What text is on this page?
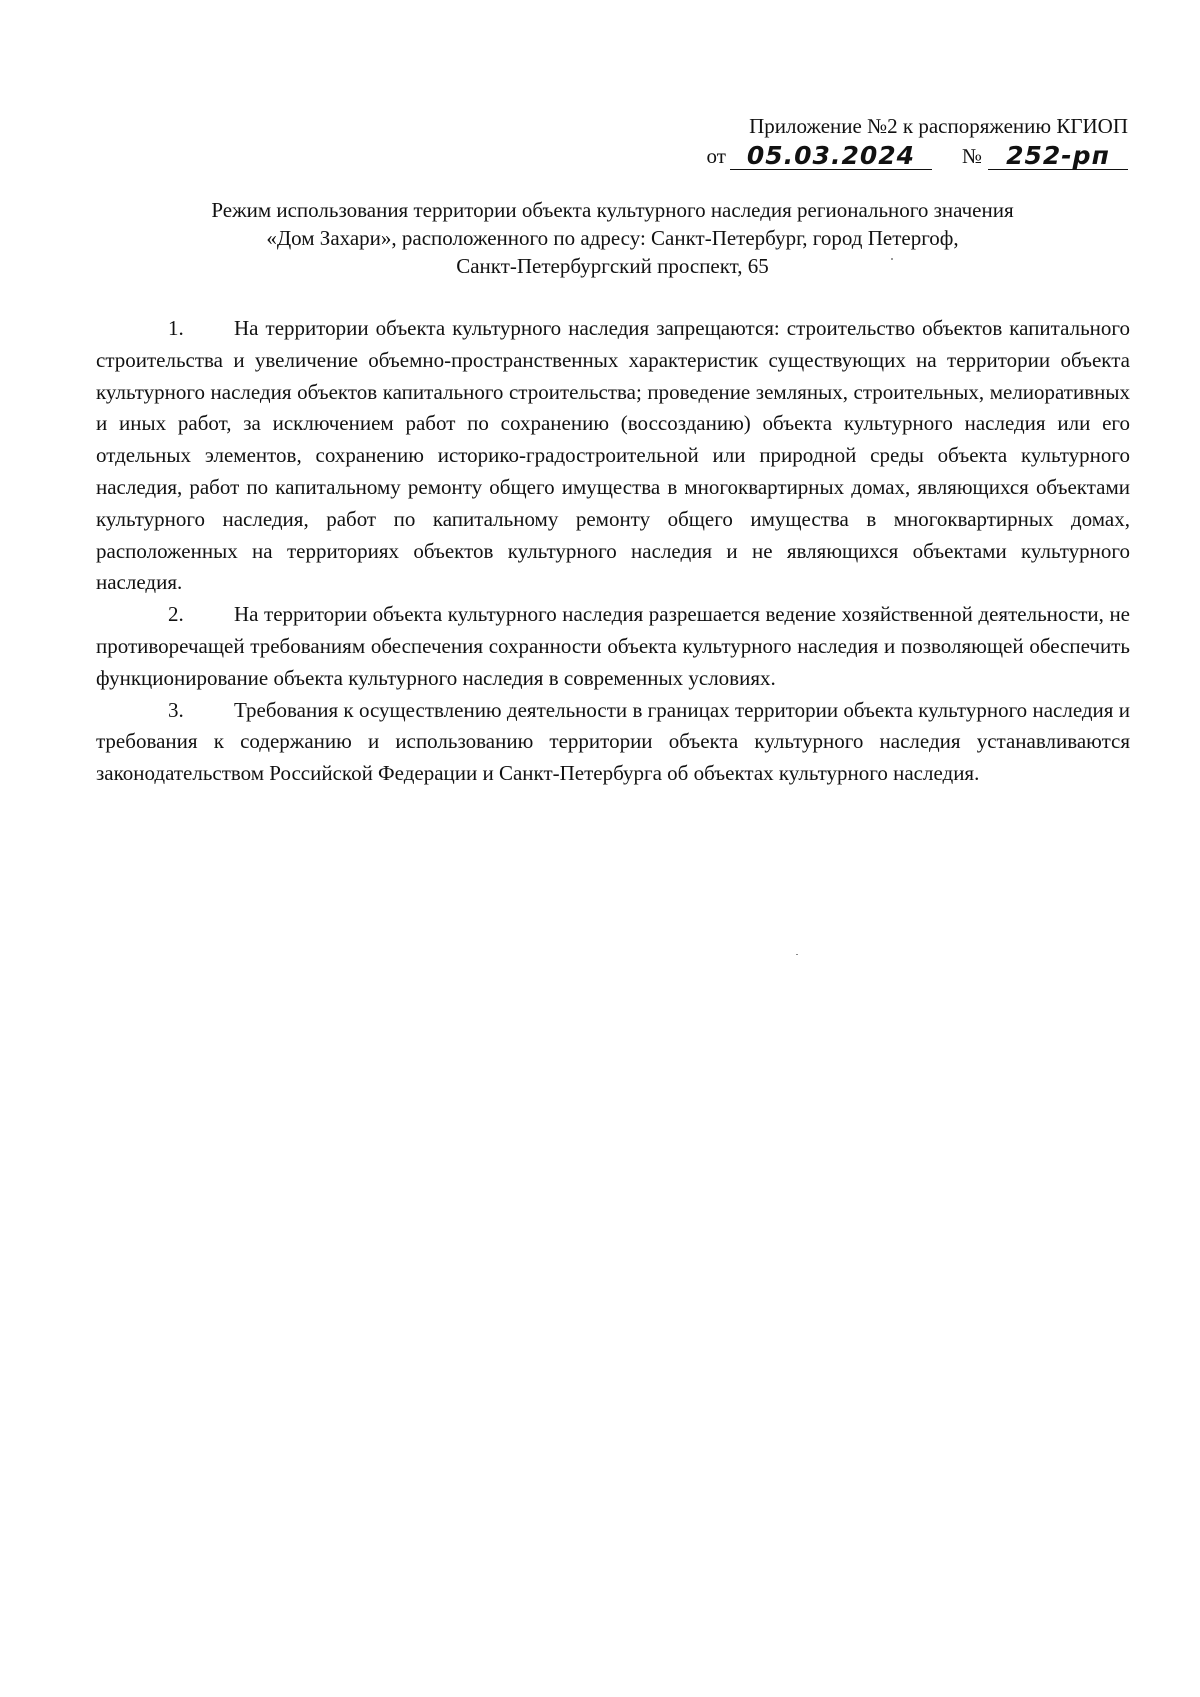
Приложение №2 к распоряжению КГИОП
от 05.03.2024	№ 252-рп
Режим использования территории объекта культурного наследия регионального значения
«Дом Захари», расположенного по адресу: Санкт-Петербург, город Петергоф,
Санкт-Петербургский проспект, 65

1. На территории объекта культурного наследия запрещаются: строительство объектов капитального строительства и увеличение объемно-пространственных характеристик существующих на территории объекта культурного наследия объектов капитального строительства; проведение земляных, строительных, мелиоративных и иных работ, за исключением работ по сохранению (воссозданию) объекта культурного наследия или его отдельных элементов, сохранению историко-градостроительной или природной среды объекта культурного наследия, работ по капитальному ремонту общего имущества в многоквартирных домах, являющихся объектами культурного наследия, работ по капитальному ремонту общего имущества в многоквартирных домах, расположенных на территориях объектов культурного наследия и не являющихся объектами культурного наследия.

2. На территории объекта культурного наследия разрешается ведение хозяйственной деятельности, не противоречащей требованиям обеспечения сохранности объекта культурного наследия и позволяющей обеспечить функционирование объекта культурного наследия в современных условиях.

3. Требования к осуществлению деятельности в границах территории объекта культурного наследия и требования к содержанию и использованию территории объекта культурного наследия устанавливаются законодательством Российской Федерации и Санкт-Петербурга об объектах культурного наследия.
